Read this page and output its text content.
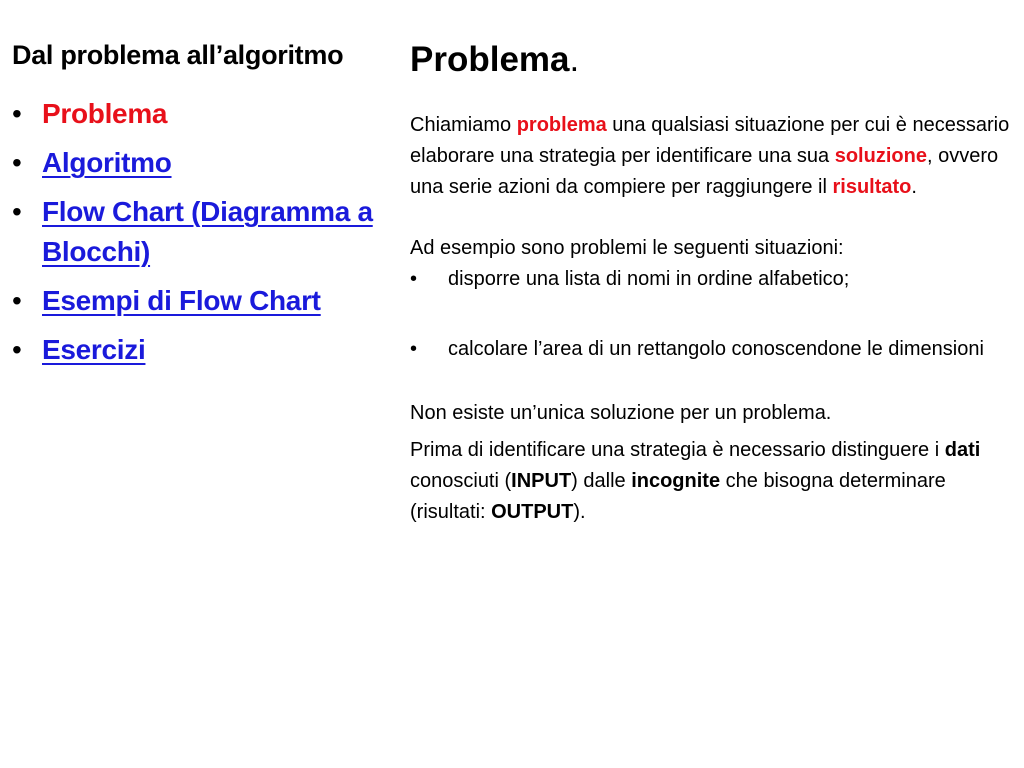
Dal problema all’algoritmo
• Problema
• Algoritmo
• Flow Chart (Diagramma a Blocchi)
• Esempi di Flow Chart
• Esercizi
Problema.

Chiamiamo problema una qualsiasi situazione per cui è necessario elaborare una strategia per identificare una sua soluzione, ovvero una serie azioni da compiere per raggiungere il risultato.

Ad esempio sono problemi le seguenti situazioni:

• disporre una lista di nomi in ordine alfabetico;
• calcolare l’area di un rettangolo conoscendone le dimensioni

Non esiste un’unica soluzione per un problema.

Prima di identificare una strategia è necessario distinguere i dati conosciuti (INPUT) dalle incognite che bisogna determinare (risultati: OUTPUT).
